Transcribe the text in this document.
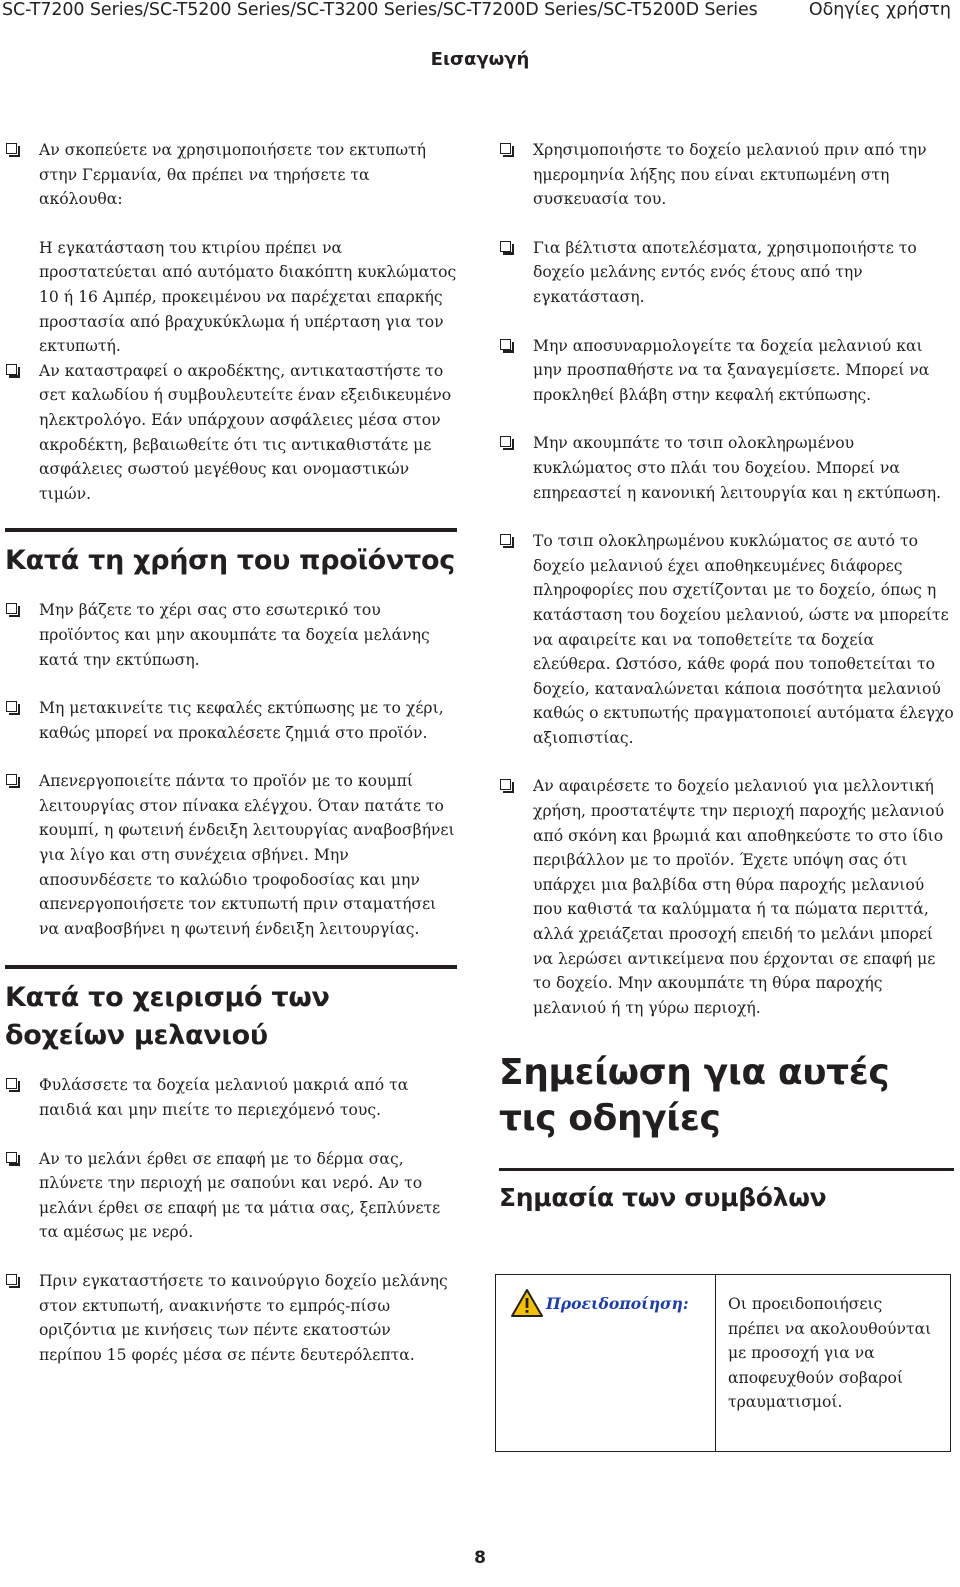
SC-T7200 Series/SC-T5200 Series/SC-T3200 Series/SC-T7200D Series/SC-T5200D Series	Οδηγίες χρήστη
Εισαγωγή
Αν σκοπεύετε να χρησιμοποιήσετε τον εκτυπωτή στην Γερμανία, θα πρέπει να τηρήσετε τα ακόλουθα:
Η εγκατάσταση του κτιρίου πρέπει να προστατεύεται από αυτόματο διακόπτη κυκλώματος 10 ή 16 Αμπέρ, προκειμένου να παρέχεται επαρκής προστασία από βραχυκύκλωμα ή υπέρταση για τον εκτυπωτή.
Αν καταστραφεί ο ακροδέκτης, αντικαταστήστε το σετ καλωδίου ή συμβουλευτείτε έναν εξειδικευμένο ηλεκτρολόγο. Εάν υπάρχουν ασφάλειες μέσα στον ακροδέκτη, βεβαιωθείτε ότι τις αντικαθιστάτε με ασφάλειες σωστού μεγέθους και ονομαστικών τιμών.
Κατά τη χρήση του προϊόντος
Μην βάζετε το χέρι σας στο εσωτερικό του προϊόντος και μην ακουμπάτε τα δοχεία μελάνης κατά την εκτύπωση.
Μη μετακινείτε τις κεφαλές εκτύπωσης με το χέρι, καθώς μπορεί να προκαλέσετε ζημιά στο προϊόν.
Απενεργοποιείτε πάντα το προϊόν με το κουμπί λειτουργίας στον πίνακα ελέγχου. Όταν πατάτε το κουμπί, η φωτεινή ένδειξη λειτουργίας αναβοσβήνει για λίγο και στη συνέχεια σβήνει. Μην αποσυνδέσετε το καλώδιο τροφοδοσίας και μην απενεργοποιήσετε τον εκτυπωτή πριν σταματήσει να αναβοσβήνει η φωτεινή ένδειξη λειτουργίας.
Κατά το χειρισμό των δοχείων μελανιού
Φυλάσσετε τα δοχεία μελανιού μακριά από τα παιδιά και μην πιείτε το περιεχόμενό τους.
Αν το μελάνι έρθει σε επαφή με το δέρμα σας, πλύνετε την περιοχή με σαπούνι και νερό. Αν το μελάνι έρθει σε επαφή με τα μάτια σας, ξεπλύνετε τα αμέσως με νερό.
Πριν εγκαταστήσετε το καινούργιο δοχείο μελάνης στον εκτυπωτή, ανακινήστε το εμπρός-πίσω οριζόντια με κινήσεις των πέντε εκατοστών περίπου 15 φορές μέσα σε πέντε δευτερόλεπτα.
Χρησιμοποιήστε το δοχείο μελανιού πριν από την ημερομηνία λήξης που είναι εκτυπωμένη στη συσκευασία του.
Για βέλτιστα αποτελέσματα, χρησιμοποιήστε το δοχείο μελάνης εντός ενός έτους από την εγκατάσταση.
Μην αποσυναρμολογείτε τα δοχεία μελανιού και μην προσπαθήστε να τα ξαναγεμίσετε. Μπορεί να προκληθεί βλάβη στην κεφαλή εκτύπωσης.
Μην ακουμπάτε το τσιπ ολοκληρωμένου κυκλώματος στο πλάι του δοχείου. Μπορεί να επηρεαστεί η κανονική λειτουργία και η εκτύπωση.
Το τσιπ ολοκληρωμένου κυκλώματος σε αυτό το δοχείο μελανιού έχει αποθηκευμένες διάφορες πληροφορίες που σχετίζονται με το δοχείο, όπως η κατάσταση του δοχείου μελανιού, ώστε να μπορείτε να αφαιρείτε και να τοποθετείτε τα δοχεία ελεύθερα. Ωστόσο, κάθε φορά που τοποθετείται το δοχείο, καταναλώνεται κάποια ποσότητα μελανιού καθώς ο εκτυπωτής πραγματοποιεί αυτόματα έλεγχο αξιοπιστίας.
Αν αφαιρέσετε το δοχείο μελανιού για μελλοντική χρήση, προστατέψτε την περιοχή παροχής μελανιού από σκόνη και βρωμιά και αποθηκεύστε το στο ίδιο περιβάλλον με το προϊόν. Έχετε υπόψη σας ότι υπάρχει μια βαλβίδα στη θύρα παροχής μελανιού που καθιστά τα καλύμματα ή τα πώματα περιττά, αλλά χρειάζεται προσοχή επειδή το μελάνι μπορεί να λερώσει αντικείμενα που έρχονται σε επαφή με το δοχείο. Μην ακουμπάτε τη θύρα παροχής μελανιού ή τη γύρω περιοχή.
Σημείωση για αυτές τις οδηγίες
Σημασία των συμβόλων
Προειδοποίηση:	Οι προειδοποιήσεις πρέπει να ακολουθούνται με προσοχή για να αποφευχθούν σοβαροί τραυματισμοί.
8
